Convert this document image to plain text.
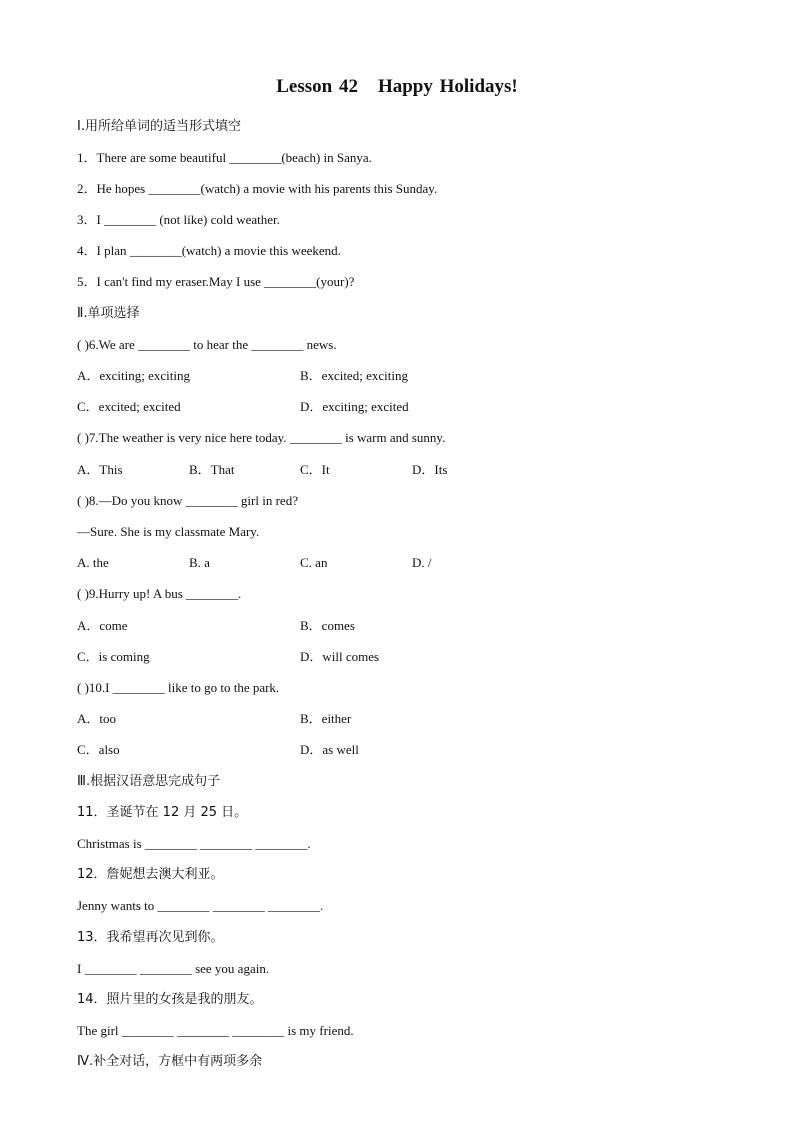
Lesson 42 Happy Holidays!
Ⅰ.用所给单词的适当形式填空
1．There are some beautiful ________(beach) in Sanya.
2．He hopes ________(watch) a movie with his parents this Sunday.
3．I ________ (not like) cold weather.
4．I plan ________(watch) a movie this weekend.
5．I can't find my eraser.May I use ________(your)?
Ⅱ.单项选择
( )6.We are ________ to hear the ________ news.
A．exciting; exciting	B．excited; exciting
C．excited; excited	D．exciting; excited
( )7.The weather is very nice here today. ________ is warm and sunny.
A．This	B．That	C．It	D．Its
( )8.—Do you know ________ girl in red?
—Sure. She is my classmate Mary.
A. the	B. a	C. an	D. /
( )9.Hurry up! A bus ________.
A．come	B．comes
C．is coming	D．will comes
( )10.I ________ like to go to the park.
A．too	B．either
C．also	D．as well
Ⅲ.根据汉语意思完成句子
11．圣诞节在 12 月 25 日。
Christmas is ________ ________ ________.
12．詹妮想去澳大利亚。
Jenny wants to ________ ________ ________.
13．我希望再次见到你。
I ________ ________ see you again.
14．照片里的女孩是我的朋友。
The girl ________ ________ ________ is my friend.
Ⅳ.补全对话，方框中有两项多余
